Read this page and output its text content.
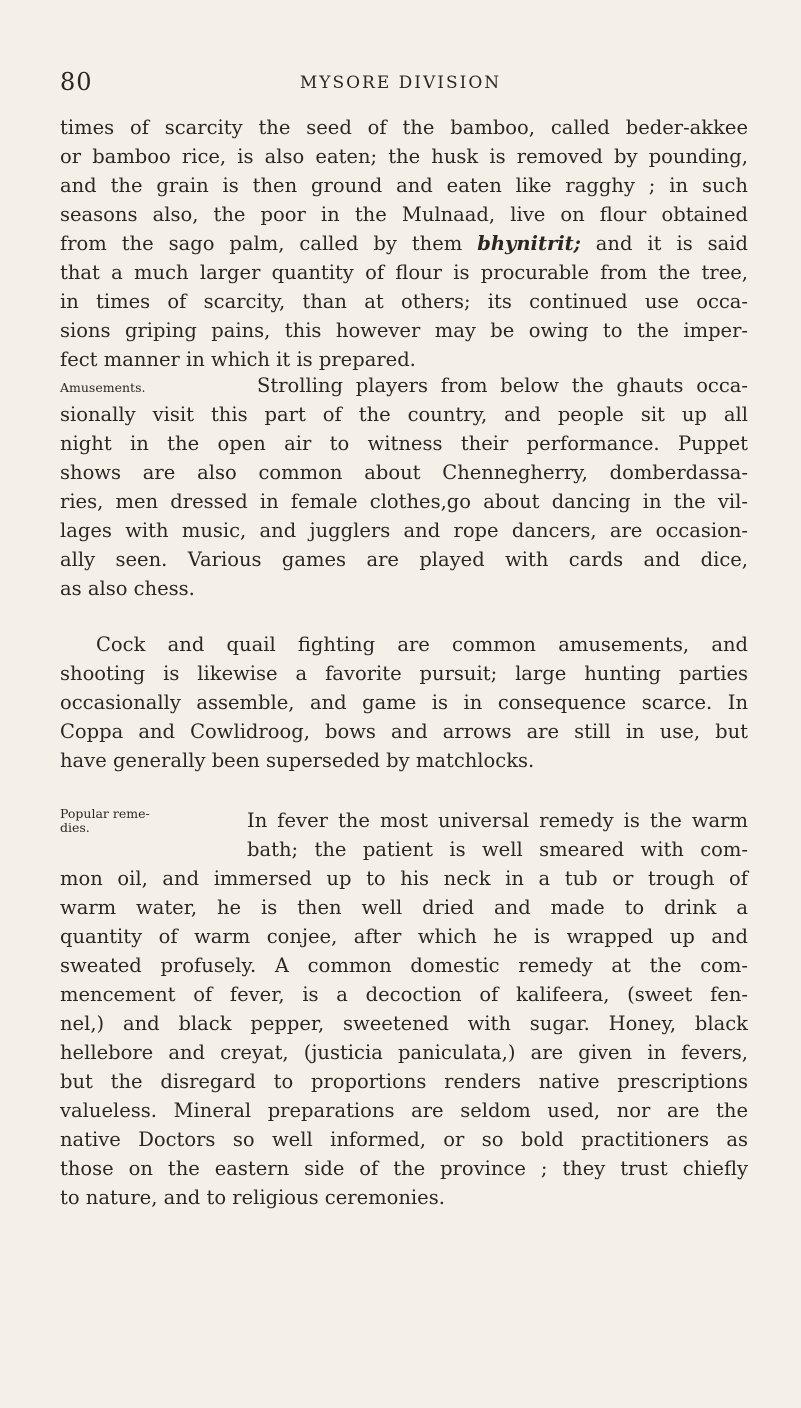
80	MYSORE DIVISION
times of scarcity the seed of the bamboo, called beder-akkee
or bamboo rice, is also eaten; the husk is removed by pounding,
and the grain is then ground and eaten like ragghy ; in such
seasons also, the poor in the Mulnaad, live on flour obtained
from the sago palm, called by them bhynitrit; and it is said
that a much larger quantity of flour is procurable from the tree,
in times of scarcity, than at others; its continued use occa-
sions griping pains, this however may be owing to the imper-
fect manner in which it is prepared.
Amusements.	Strolling players from below the ghauts occa-
sionally visit this part of the country, and people sit up all
night in the open air to witness their performance. Puppet
shows are also common about Chennegherry, domberdassa-
ries, men dressed in female clothes,go about dancing in the vil-
lages with music, and jugglers and rope dancers, are occasion-
ally seen. Various games are played with cards and dice,
as also chess.
Cock and quail fighting are common amusements, and
shooting is likewise a favorite pursuit; large hunting parties
occasionally assemble, and game is in consequence scarce. In
Coppa and Cowlidroog, bows and arrows are still in use, but
have generally been superseded by matchlocks.
Popular reme-
dies.	In fever the most universal remedy is the warm
bath; the patient is well smeared with com-
mon oil, and immersed up to his neck in a tub or trough of
warm water, he is then well dried and made to drink a
quantity of warm conjee, after which he is wrapped up and
sweated profusely. A common domestic remedy at the com-
mencement of fever, is a decoction of kalifeera, (sweet fen-
nel,) and black pepper, sweetened with sugar. Honey, black
hellebore and creyat, (justicia paniculata,) are given in fevers,
but the disregard to proportions renders native prescriptions
valueless. Mineral preparations are seldom used, nor are the
native Doctors so well informed, or so bold practitioners as
those on the eastern side of the province ; they trust chiefly
to nature, and to religious ceremonies.
